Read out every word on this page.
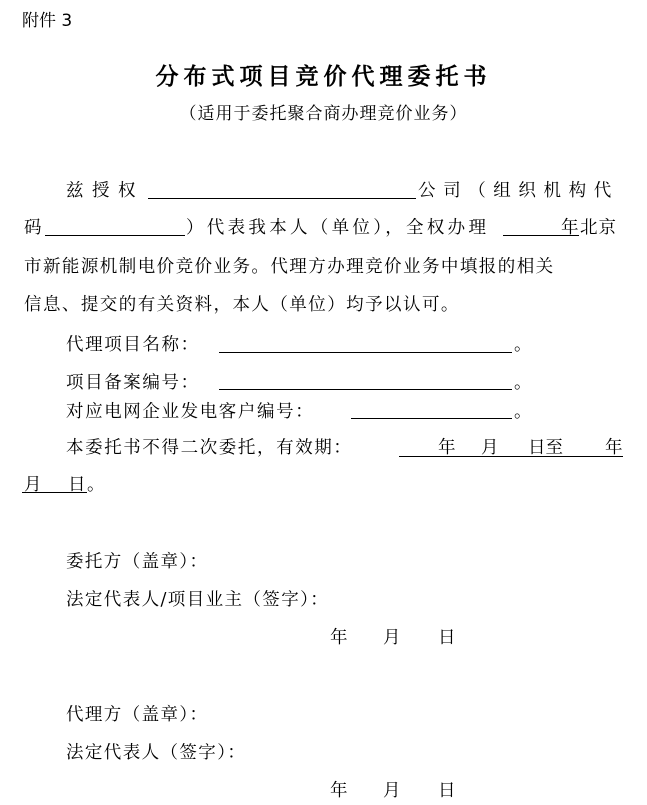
附件 3
分布式项目竞价代理委托书
（适用于委托聚合商办理竞价业务）
兹授权	公司（组织机构代
码	）代表我本人（单位），全权办理	年 北京
市新能源机制电价竞价业务。代理方办理竞价业务中填报的相关
信息、提交的有关资料，本人（单位）均予以认可。
代理项目名称：	。
项目备案编号：	。
对应电网企业发电客户编号：	。
本委托书不得二次委托，有效期：	年 月 日至 年
月 日 。
委托方（盖章）：
法定代表人/项目业主（签字）：
年 月 日
代理方（盖章）：
法定代表人（签字）：
年 月 日
